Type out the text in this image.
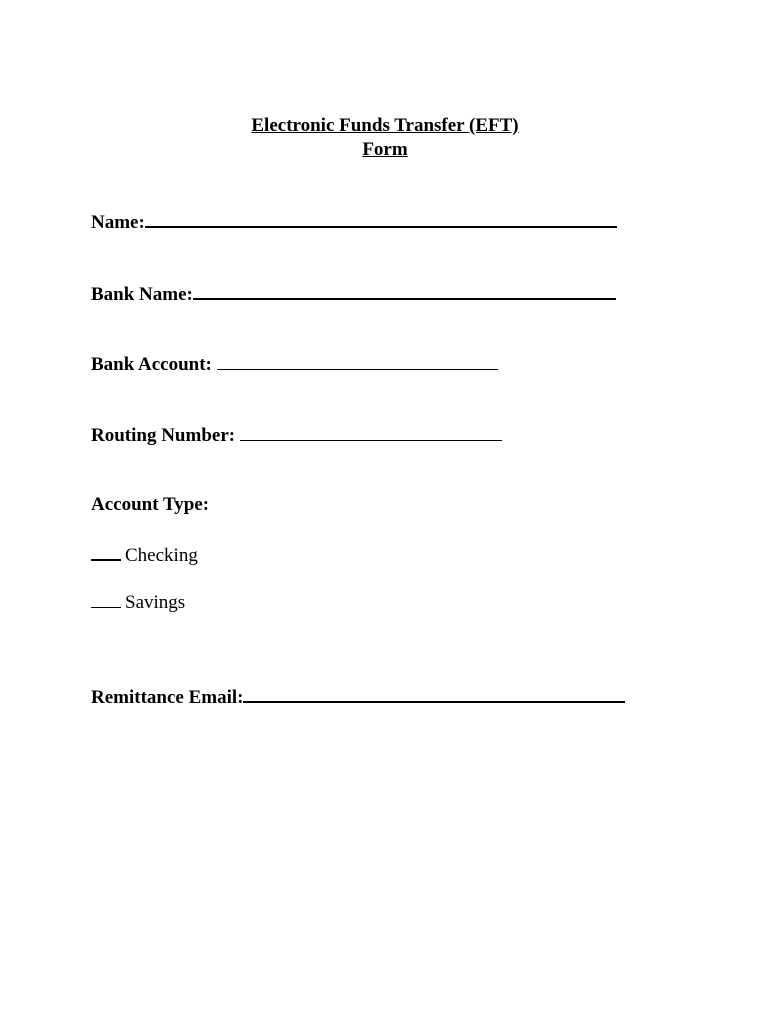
Electronic Funds Transfer (EFT)
Form
Name:
Bank Name:
Bank Account:
Routing Number:
Account Type:
Checking
Savings
Remittance Email:
